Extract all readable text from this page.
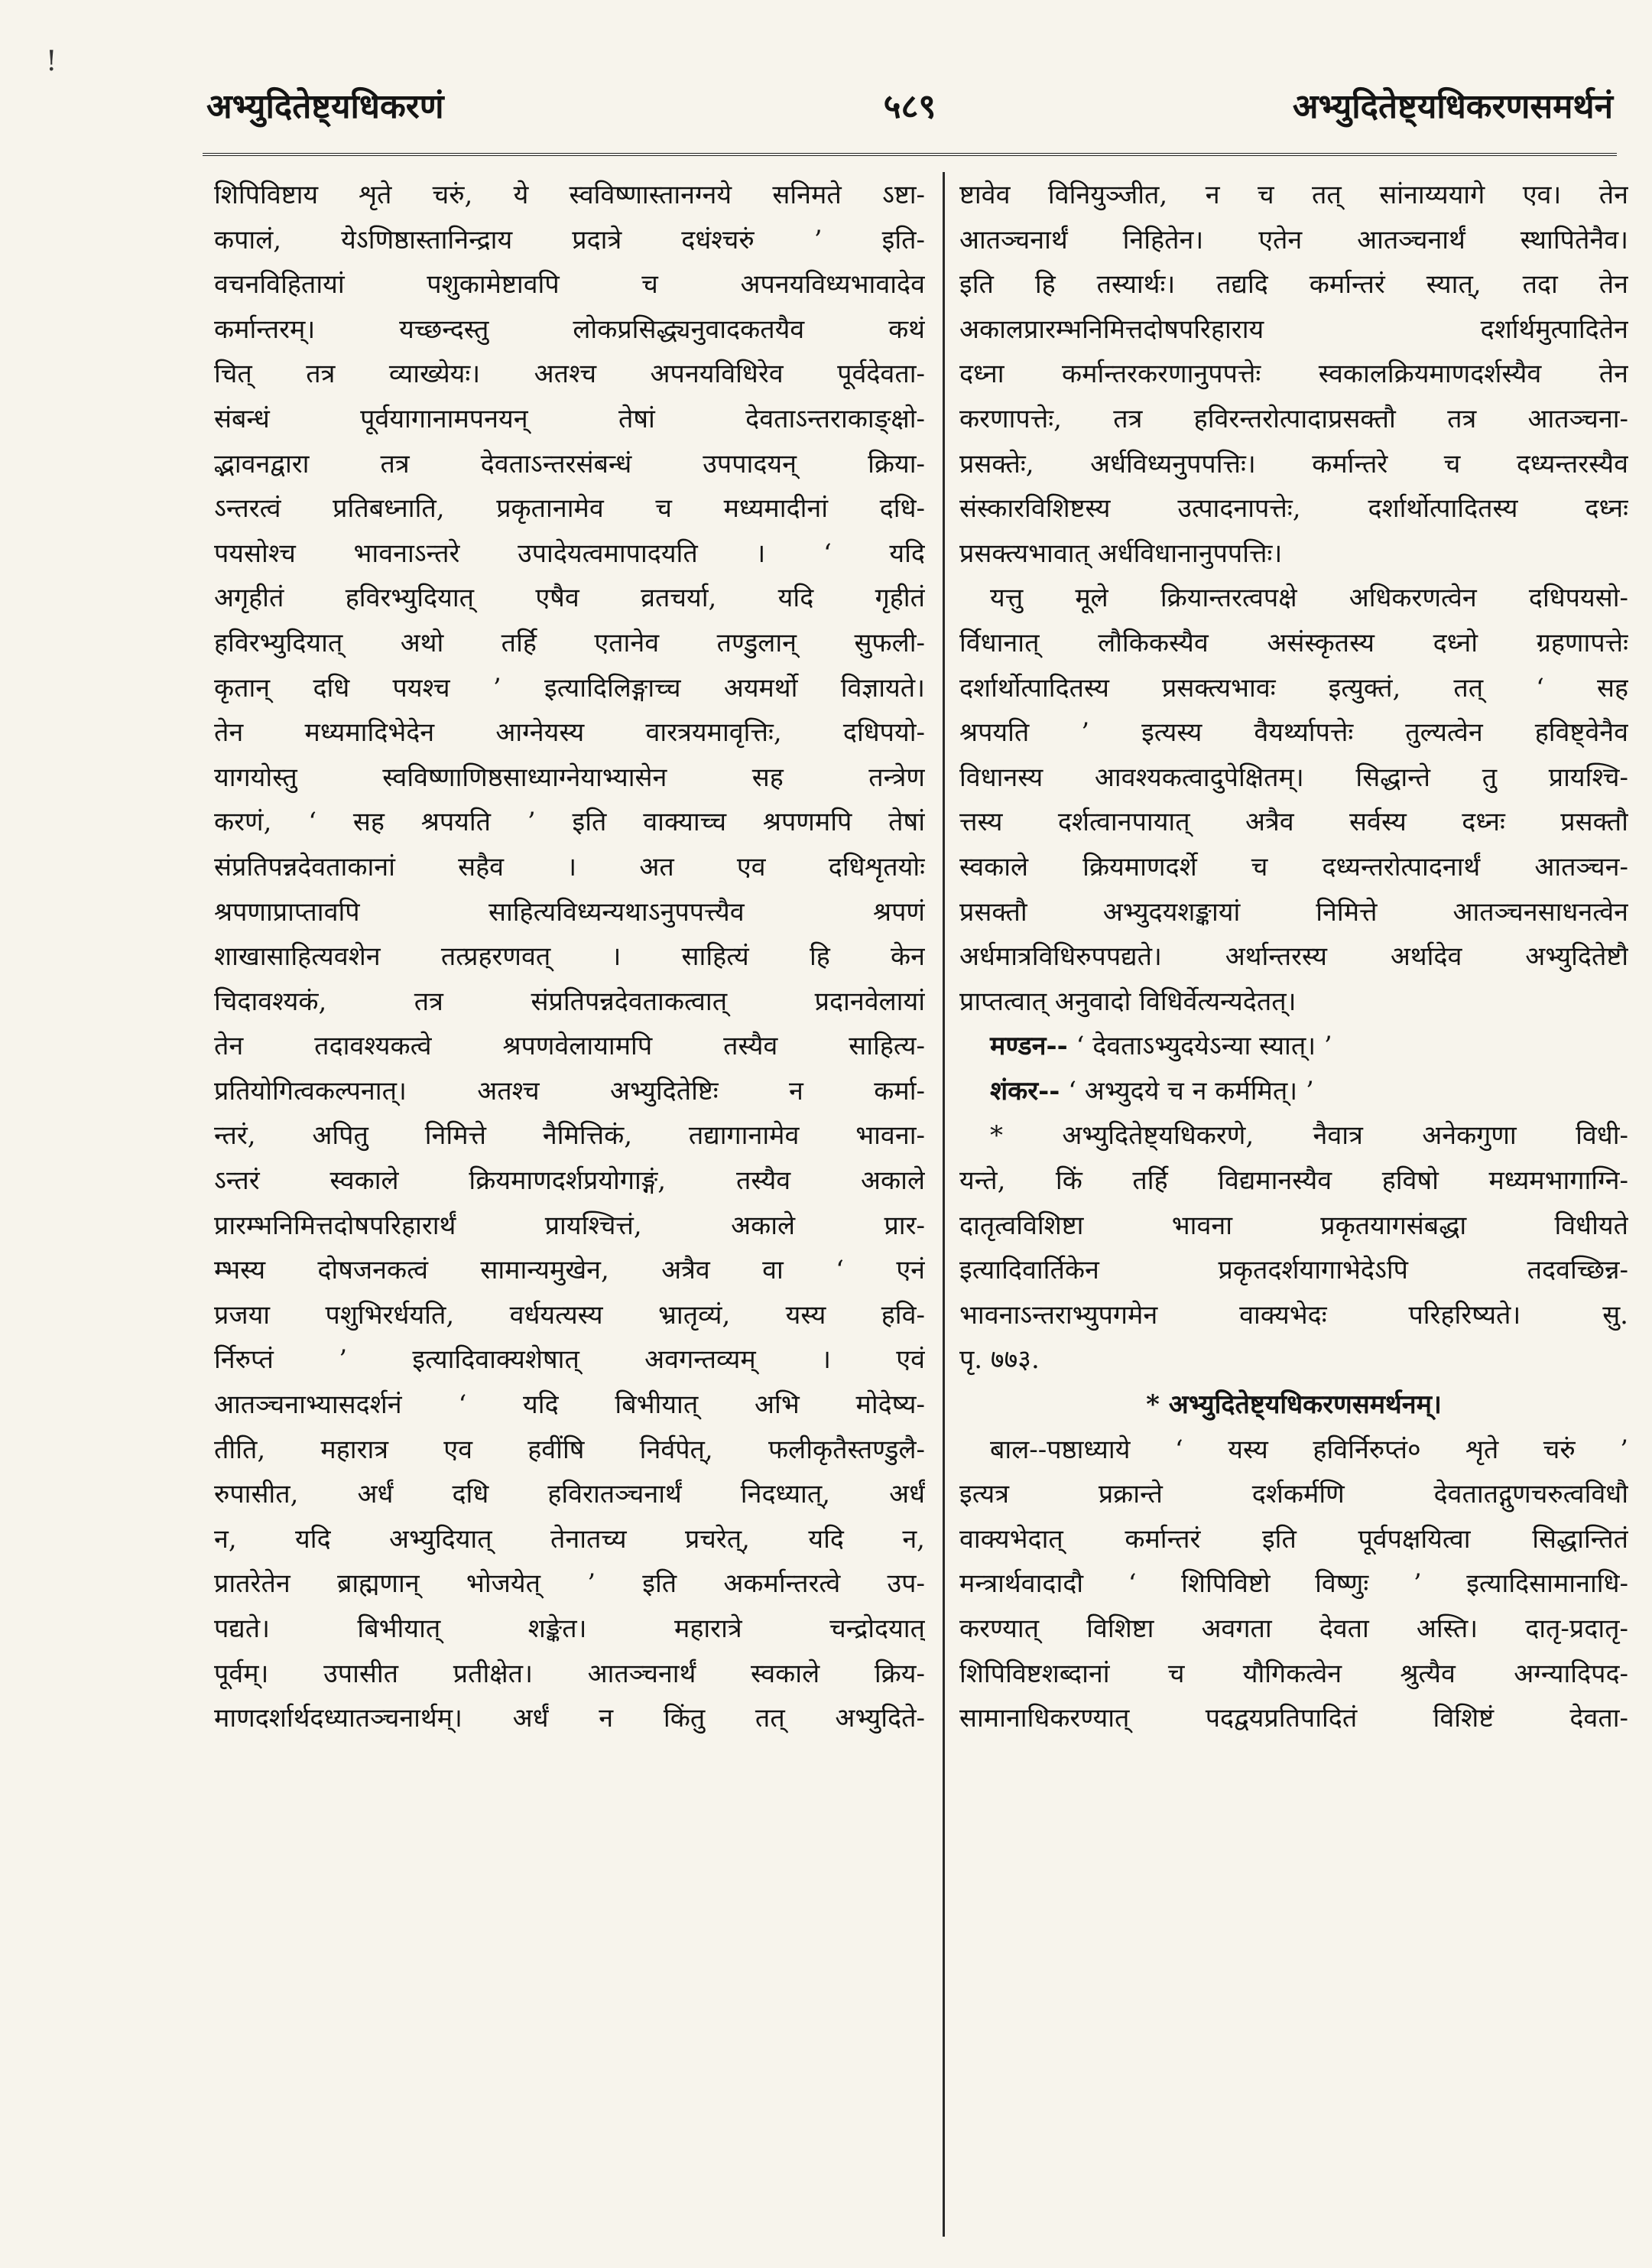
अभ्युदितेष्ट्यधिकरणं	५८९	अभ्युदितेष्ट्यधिकरणसमर्थनं
!
शिपिविष्टाय शृते चरुं, ये स्वविष्णास्तानग्नये सनिमते ऽष्टा-
कपालं, येऽणिष्ठास्तानिन्द्राय प्रदात्रे दधंश्चरुं ’ इति-
वचनविहितायां पशुकामेष्टावपि च अपनयविध्यभावादेव
कर्मान्तरम्। यच्छन्दस्तु लोकप्रसिद्ध्यनुवादकतयैव कथं
चित् तत्र व्याख्येयः। अतश्च अपनयविधिरेव पूर्वदेवता-
संबन्धं पूर्वयागानामपनयन् तेषां देवताऽन्तराकाङ्क्षो-
द्भावनद्वारा तत्र देवताऽन्तरसंबन्धं उपपादयन् क्रिया-
ऽन्तरत्वं प्रतिबध्नाति, प्रकृतानामेव च मध्यमादीनां दधि-
पयसोश्च भावनाऽन्तरे उपादेयत्वमापादयति । ‘ यदि
अगृहीतं हविरभ्युदियात् एषैव व्रतचर्या, यदि गृहीतं
हविरभ्युदियात् अथो तर्हि एतानेव तण्डुलान् सुफली-
कृतान् दधि पयश्च ’ इत्यादिलिङ्गाच्च अयमर्थो विज्ञायते।
तेन मध्यमादिभेदेन आग्नेयस्य वारत्रयमावृत्तिः, दधिपयो-
यागयोस्तु स्वविष्णाणिष्ठसाध्याग्नेयाभ्यासेन सह तन्त्रेण
करणं, ‘ सह श्रपयति ’ इति वाक्याच्च श्रपणमपि तेषां
संप्रतिपन्नदेवताकानां सहैव । अत एव दधिशृतयोः
श्रपणाप्राप्तावपि साहित्यविध्यन्यथाऽनुपपत्त्यैव श्रपणं
शाखासाहित्यवशेन तत्प्रहरणवत् । साहित्यं हि केन
चिदावश्यकं, तत्र संप्रतिपन्नदेवताकत्वात् प्रदानवेलायां
तेन तदावश्यकत्वे श्रपणवेलायामपि तस्यैव साहित्य-
प्रतियोगित्वकल्पनात्। अतश्च अभ्युदितेष्टिः न कर्मा-
न्तरं, अपितु निमित्ते नैमित्तिकं, तद्यागानामेव भावना-
ऽन्तरं स्वकाले क्रियमाणदर्शप्रयोगाङ्गं, तस्यैव अकाले
प्रारम्भनिमित्तदोषपरिहारार्थं प्रायश्चित्तं, अकाले प्रार-
म्भस्य दोषजनकत्वं सामान्यमुखेन, अत्रैव वा ‘ एनं
प्रजया पशुभिरर्धयति, वर्धयत्यस्य भ्रातृव्यं, यस्य हवि-
र्निरुप्तं ’ इत्यादिवाक्यशेषात् अवगन्तव्यम् । एवं
आतञ्चनाभ्यासदर्शनं ‘ यदि बिभीयात् अभि मोदेष्य-
तीति, महारात्र एव हवींषि निर्वपेत्, फलीकृतैस्तण्डुलै-
रुपासीत, अर्धं दधि हविरातञ्चनार्थं निदध्यात्, अर्धं
न, यदि अभ्युदियात् तेनातच्य प्रचरेत्, यदि न,
प्रातरेतेन ब्राह्मणान् भोजयेत् ’ इति अकर्मान्तरत्वे उप-
पद्यते। बिभीयात् शङ्केत। महारात्रे चन्द्रोदयात्
पूर्वम्। उपासीत प्रतीक्षेत। आतञ्चनार्थं स्वकाले क्रिय-
माणदर्शार्थदध्यातञ्चनार्थम्। अर्धं न किंतु तत् अभ्युदिते-
ष्टावेव विनियुञ्जीत, न च तत् सांनाय्ययागे एव। तेन
आतञ्चनार्थं निहितेन। एतेन आतञ्चनार्थं स्थापितेनैव।
इति हि तस्यार्थः। तद्यदि कर्मान्तरं स्यात्, तदा तेन
अकालप्रारम्भनिमित्तदोषपरिहाराय दर्शार्थमुत्पादितेन
दध्ना कर्मान्तरकरणानुपपत्तेः स्वकालक्रियमाणदर्शस्यैव तेन
करणापत्तेः, तत्र हविरन्तरोत्पादाप्रसक्तौ तत्र आतञ्चना-
प्रसक्तेः, अर्धविध्यनुपपत्तिः। कर्मान्तरे च दध्यन्तरस्यैव
संस्कारविशिष्टस्य उत्पादनापत्तेः, दर्शार्थोत्पादितस्य दध्नः
प्रसक्त्यभावात् अर्धविधानानुपपत्तिः।
यत्तु मूले क्रियान्तरत्वपक्षे अधिकरणत्वेन दधिपयसो-
र्विधानात् लौकिकस्यैव असंस्कृतस्य दध्नो ग्रहणापत्तेः
दर्शार्थोत्पादितस्य प्रसक्त्यभावः इत्युक्तं, तत् ‘ सह
श्रपयति ’ इत्यस्य वैयर्थ्यापत्तेः तुल्यत्वेन हविष्ट्वेनैव
विधानस्य आवश्यकत्वादुपेक्षितम्। सिद्धान्ते तु प्रायश्चि-
त्तस्य दर्शत्वानपायात् अत्रैव सर्वस्य दध्नः प्रसक्तौ
स्वकाले क्रियमाणदर्शे च दध्यन्तरोत्पादनार्थं आतञ्चन-
प्रसक्तौ अभ्युदयशङ्कायां निमित्ते आतञ्चनसाधनत्वेन
अर्धमात्रविधिरुपपद्यते। अर्थान्तरस्य अर्थादेव अभ्युदितेष्टौ
प्राप्तत्वात् अनुवादो विधिर्वेत्यन्यदेतत्।
मण्डन-- ‘ देवताऽभ्युदयेऽन्या स्यात्। ’
शंकर-- ‘ अभ्युदये च न कर्ममित्। ’
* अभ्युदितेष्ट्यधिकरणे, नैवात्र अनेकगुणा विधी-
यन्ते, किं तर्हि विद्यमानस्यैव हविषो मध्यमभागाग्नि-
दातृत्वविशिष्टा भावना प्रकृतयागसंबद्धा विधीयते
इत्यादिवार्तिकेन प्रकृतदर्शयागाभेदेऽपि तदवच्छिन्न-
भावनाऽन्तराभ्युपगमेन वाक्यभेदः परिहरिष्यते। सु.
पृ. ७७३.
* अभ्युदितेष्ट्यधिकरणसमर्थनम्।
बाल--पष्ठाध्याये ‘ यस्य हविर्निरुप्तं० शृते चरुं ’
इत्यत्र प्रक्रान्ते दर्शकर्मणि देवतातद्गुणचरुत्वविधौ
वाक्यभेदात् कर्मान्तरं इति पूर्वपक्षयित्वा सिद्धान्तितं
मन्त्रार्थवादादौ ‘ शिपिविष्टो विष्णुः ’ इत्यादिसामानाधि-
करण्यात् विशिष्टा अवगता देवता अस्ति। दातृ-प्रदातृ-
शिपिविष्टशब्दानां च यौगिकत्वेन श्रुत्यैव अग्न्यादिपद-
सामानाधिकरण्यात् पदद्वयप्रतिपादितं विशिष्टं देवता-
